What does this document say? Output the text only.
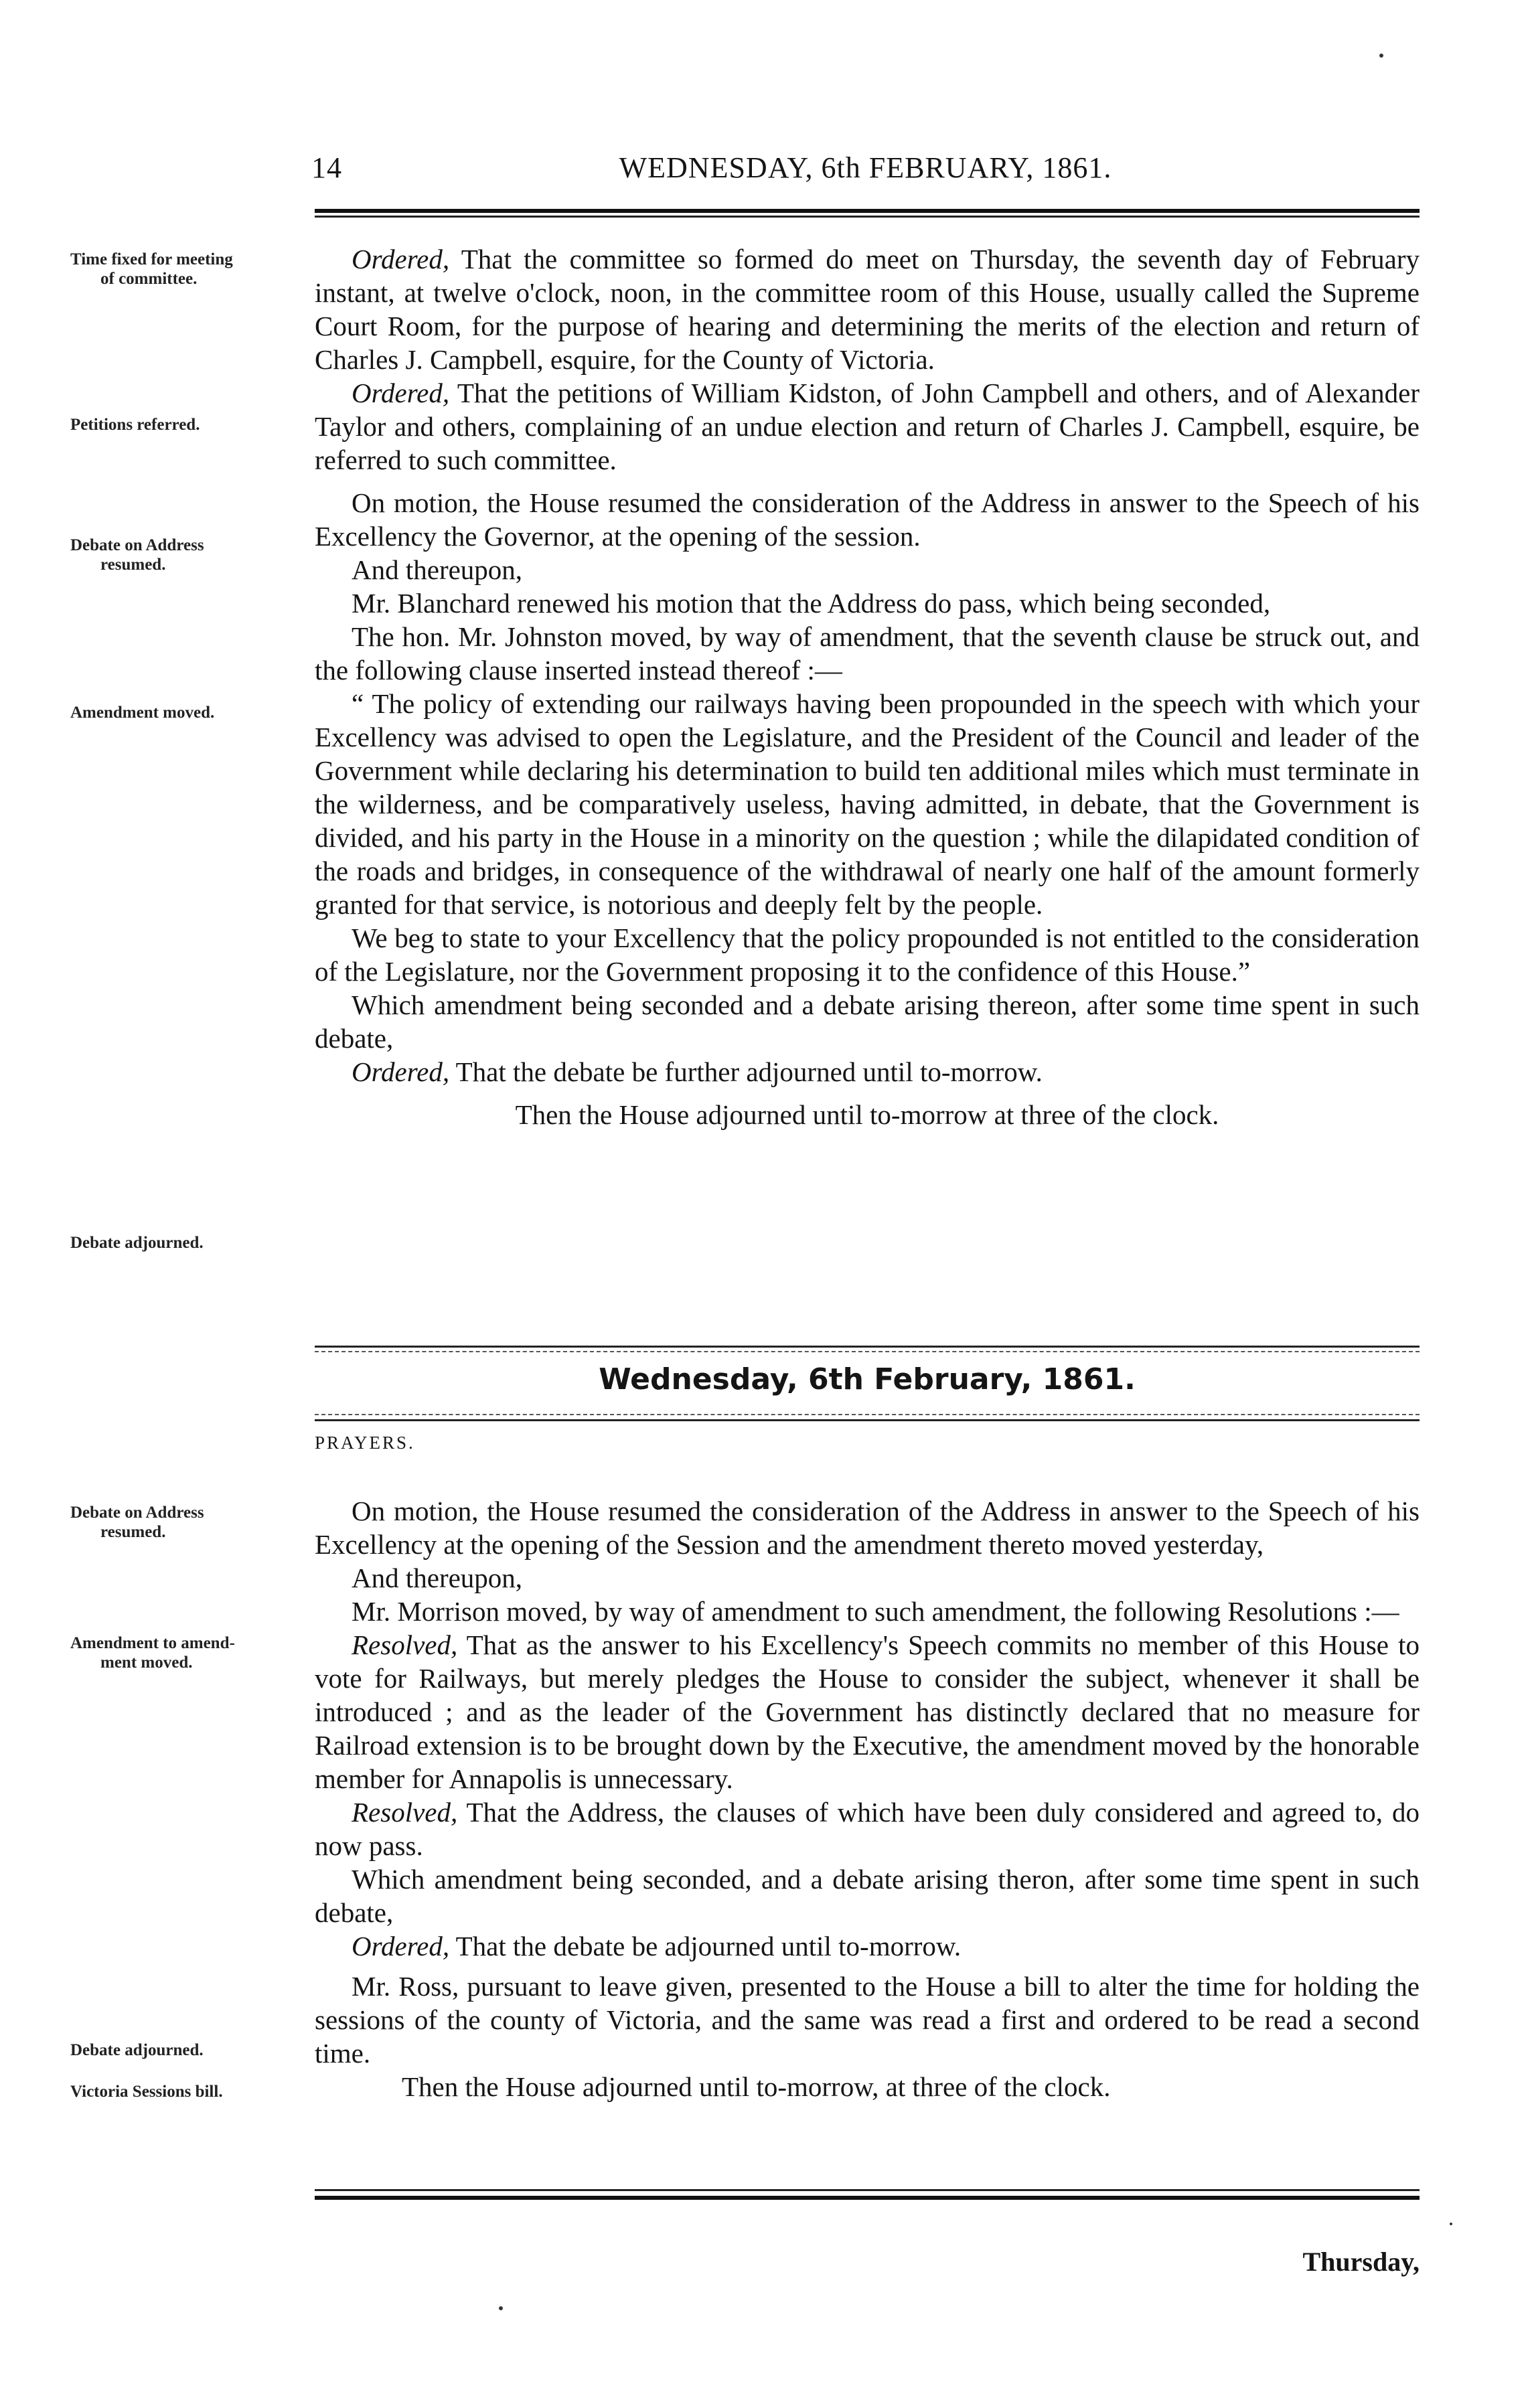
14	WEDNESDAY, 6th FEBRUARY, 1861.
Time fixed for meeting
of committee.
Petitions referred.
Debate on Address
resumed.
Amendment moved.
Debate adjourned.
Debate on Address
resumed.
Amendment to amend-
ment moved.
Debate adjourned.
Victoria Sessions bill.

Ordered, That the committee so formed do meet on Thursday, the seventh day of February instant, at twelve o'clock, noon, in the committee room of this House, usually called the Supreme Court Room, for the purpose of hearing and determining the merits of the election and return of Charles J. Campbell, esquire, for the County of Victoria.

Ordered, That the petitions of William Kidston, of John Campbell and others, and of Alexander Taylor and others, complaining of an undue election and return of Charles J. Campbell, esquire, be referred to such committee.

On motion, the House resumed the consideration of the Address in answer to the Speech of his Excellency the Governor, at the opening of the session.

And thereupon,

Mr. Blanchard renewed his motion that the Address do pass, which being seconded,

The hon. Mr. Johnston moved, by way of amendment, that the seventh clause be struck out, and the following clause inserted instead thereof :—

“ The policy of extending our railways having been propounded in the speech with which your Excellency was advised to open the Legislature, and the President of the Council and leader of the Government while declaring his determination to build ten additional miles which must terminate in the wilderness, and be comparatively useless, having admitted, in debate, that the Government is divided, and his party in the House in a minority on the question ; while the dilapidated condition of the roads and bridges, in consequence of the withdrawal of nearly one half of the amount formerly granted for that service, is notorious and deeply felt by the people.

We beg to state to your Excellency that the policy propounded is not entitled to the consideration of the Legislature, nor the Government proposing it to the confidence of this House.”

Which amendment being seconded and a debate arising thereon, after some time spent in such debate,

Ordered, That the debate be further adjourned until to-morrow.

Then the House adjourned until to-morrow at three of the clock.

Wednesday, 6th February, 1861.
PRAYERS.

On motion, the House resumed the consideration of the Address in answer to the Speech of his Excellency at the opening of the Session and the amendment thereto moved yesterday,

And thereupon,

Mr. Morrison moved, by way of amendment to such amendment, the following Resolutions :—

Resolved, That as the answer to his Excellency's Speech commits no member of this House to vote for Railways, but merely pledges the House to consider the subject, whenever it shall be introduced ; and as the leader of the Government has distinctly declared that no measure for Railroad extension is to be brought down by the Executive, the amendment moved by the honorable member for Annapolis is unnecessary.

Resolved, That the Address, the clauses of which have been duly considered and agreed to, do now pass.

Which amendment being seconded, and a debate arising theron, after some time spent in such debate,

Ordered, That the debate be adjourned until to-morrow.

Mr. Ross, pursuant to leave given, presented to the House a bill to alter the time for holding the sessions of the county of Victoria, and the same was read a first and ordered to be read a second time.

Then the House adjourned until to-morrow, at three of the clock.

Thursday,
